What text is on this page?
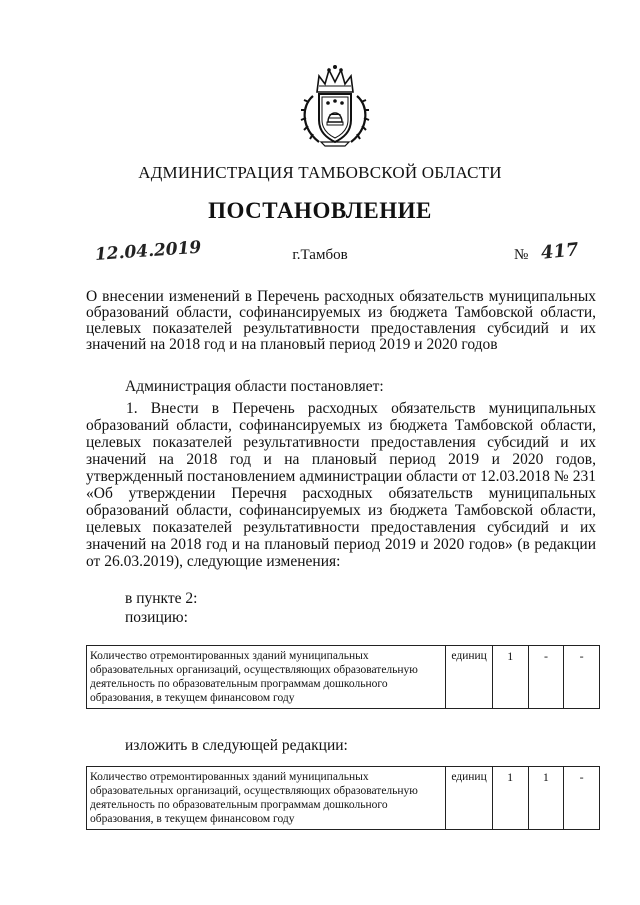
АДМИНИСТРАЦИЯ ТАМБОВСКОЙ ОБЛАСТИ
ПОСТАНОВЛЕНИЕ
12.04.2019	г.Тамбов	№ 417
О внесении изменений в Перечень расходных обязательств муниципальных образований области, софинансируемых из бюджета Тамбовской области, целевых показателей результативности предоставления субсидий и их значений на 2018 год и на плановый период 2019 и 2020 годов
Администрация области постановляет:
1. Внести в Перечень расходных обязательств муниципальных образований области, софинансируемых из бюджета Тамбовской области, целевых показателей результативности предоставления субсидий и их значений на 2018 год и на плановый период 2019 и 2020 годов, утвержденный постановлением администрации области от 12.03.2018 № 231 «Об утверждении Перечня расходных обязательств муниципальных образований области, софинансируемых из бюджета Тамбовской области, целевых показателей результативности предоставления субсидий и их значений на 2018 год и на плановый период 2019 и 2020 годов» (в редакции от 26.03.2019), следующие изменения:
в пункте 2:
позицию:
Количество отремонтированных зданий муниципальных образовательных организаций, осуществляющих образовательную деятельность по образовательным программам дошкольного образования, в текущем финансовом году	единиц	1	-	-
изложить в следующей редакции:
Количество отремонтированных зданий муниципальных образовательных организаций, осуществляющих образовательную деятельность по образовательным программам дошкольного образования, в текущем финансовом году	единиц	1	1	-
